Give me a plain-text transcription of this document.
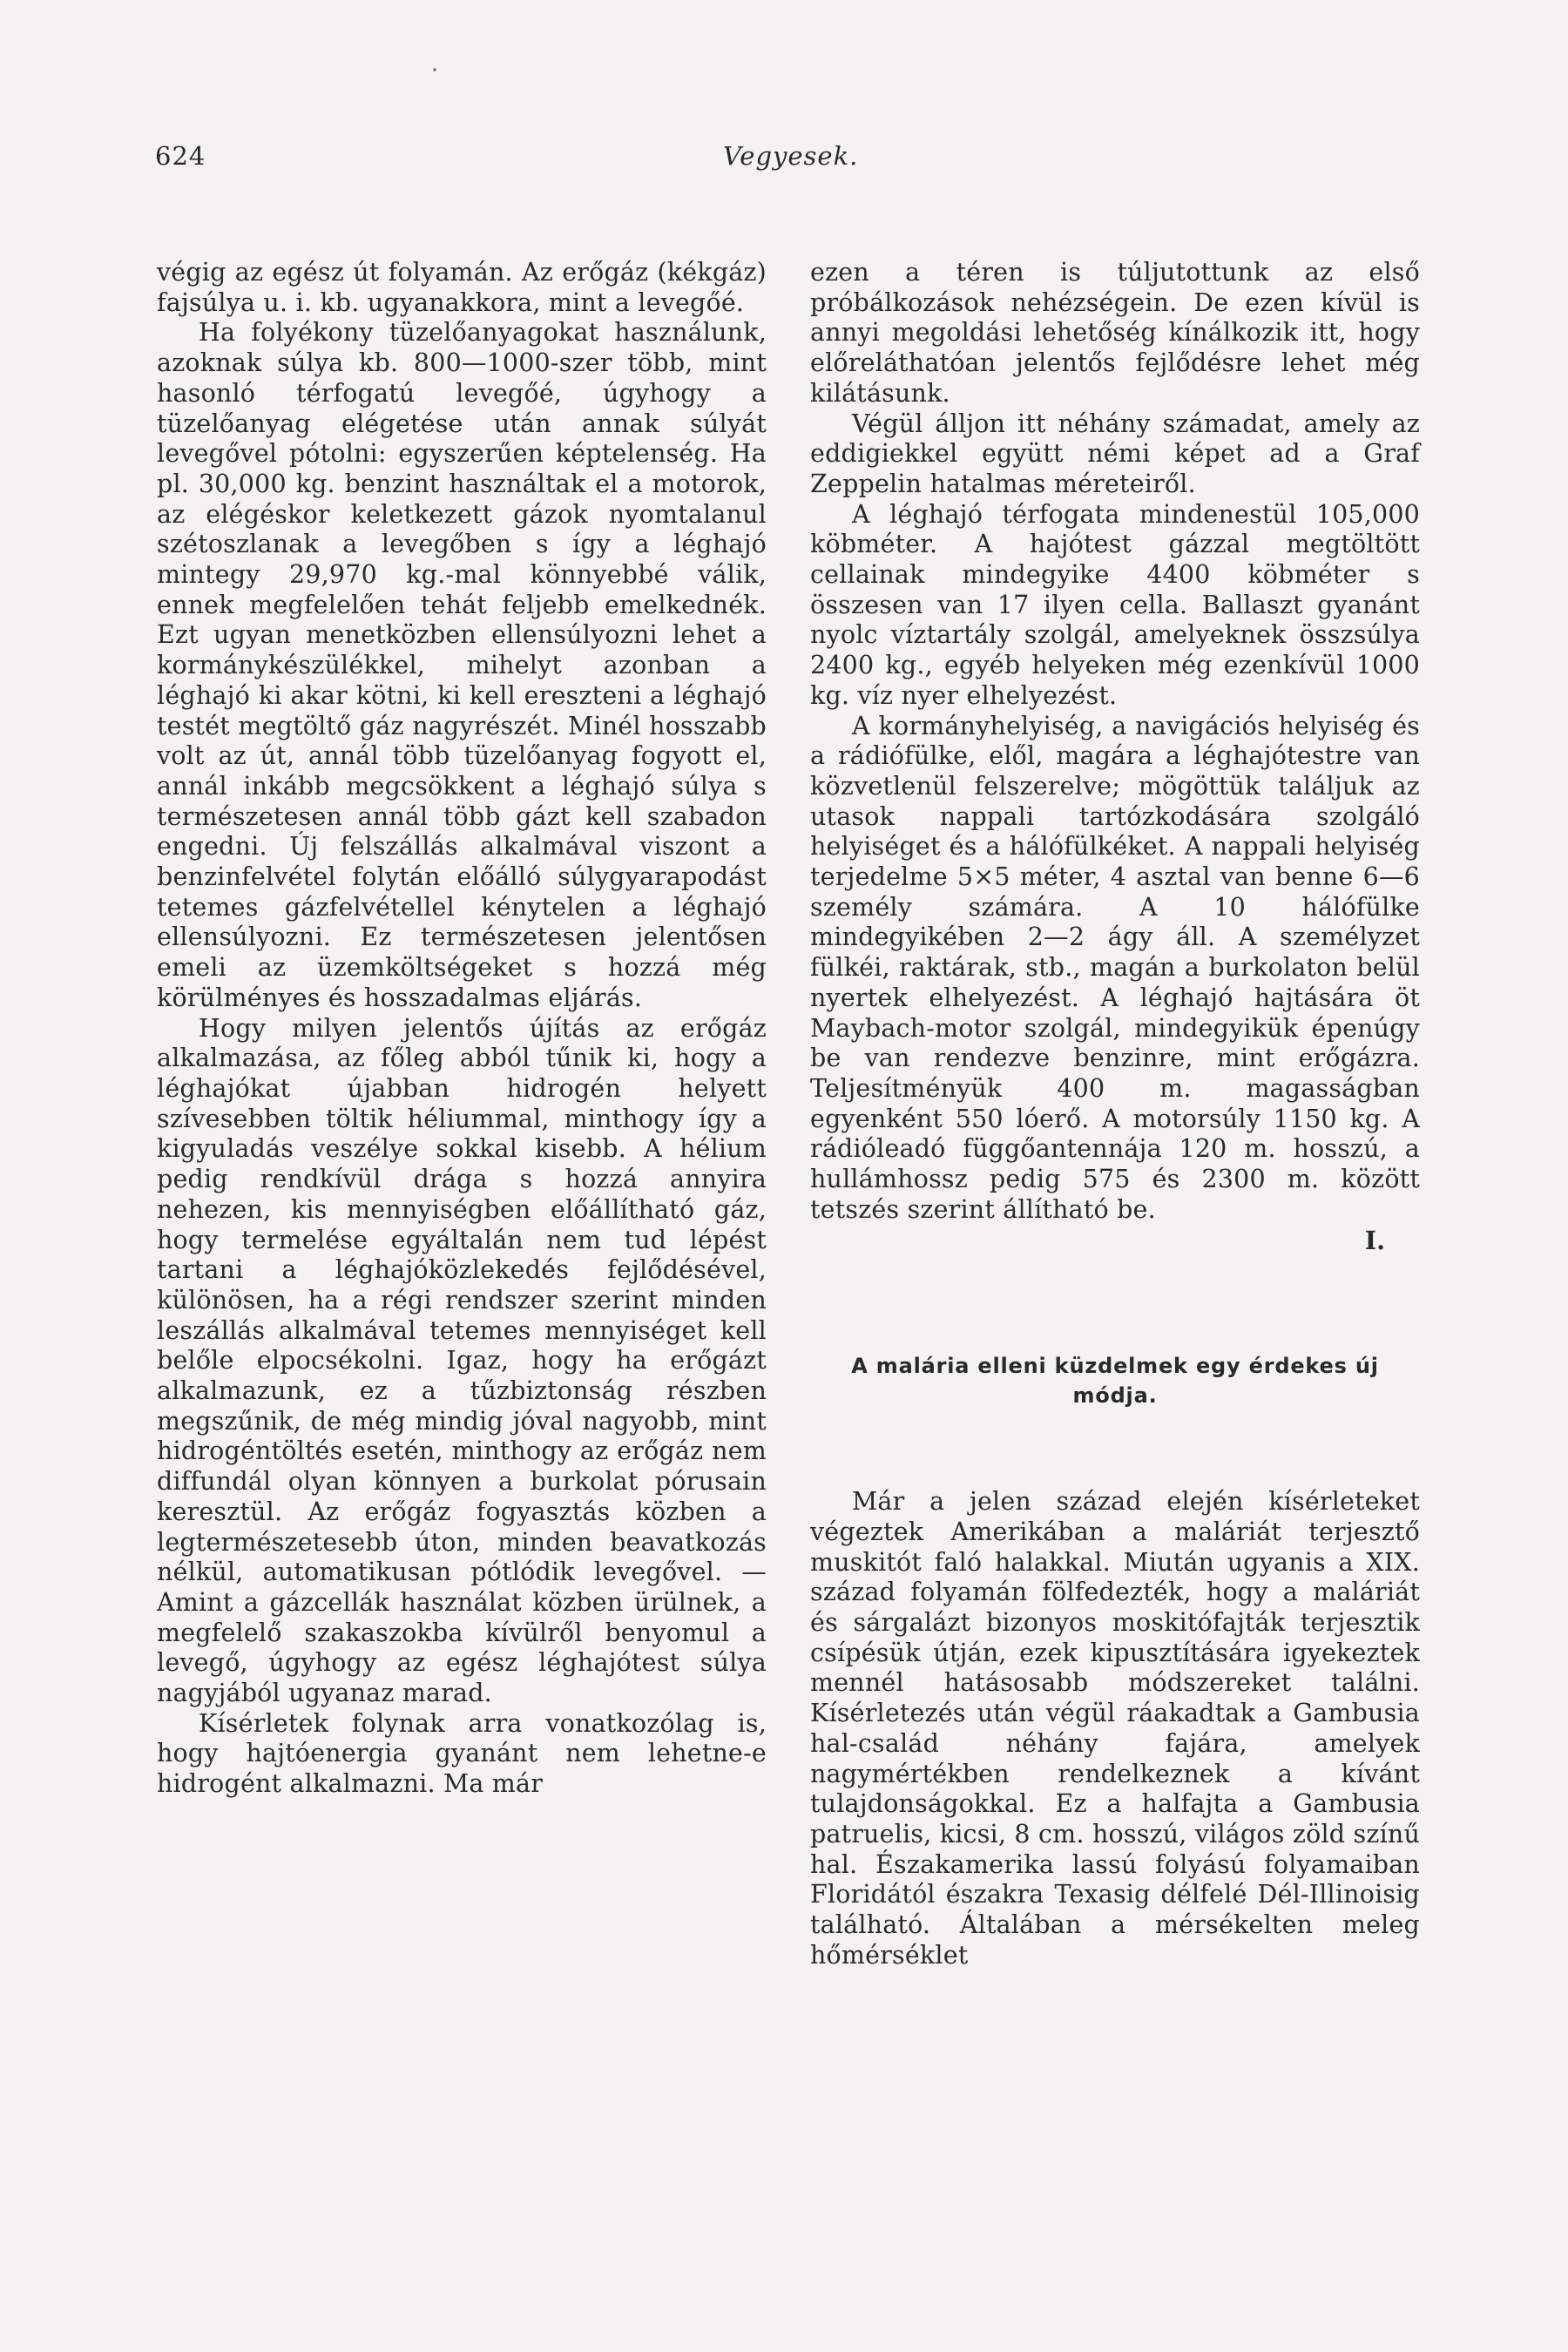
624	Vegyesek.

végig az egész út folyamán. Az erőgáz (kékgáz) fajsúlya u. i. kb. ugyanakkora, mint a levegőé.

Ha folyékony tüzelőanyagokat használunk, azoknak súlya kb. 800—1000-szer több, mint hasonló térfogatú levegőé, úgyhogy a tüzelőanyag elégetése után annak súlyát levegővel pótolni: egyszerűen képtelenség. Ha pl. 30,000 kg. benzint használtak el a motorok, az elégéskor keletkezett gázok nyomtalanul szétoszlanak a levegőben s így a léghajó mintegy 29,970 kg.-mal könnyebbé válik, ennek megfelelően tehát feljebb emelkednék. Ezt ugyan menetközben ellensúlyozni lehet a kormánykészülékkel, mihelyt azonban a léghajó ki akar kötni, ki kell ereszteni a léghajó testét megtöltő gáz nagyrészét. Minél hosszabb volt az út, annál több tüzelőanyag fogyott el, annál inkább megcsökkent a léghajó súlya s természetesen annál több gázt kell szabadon engedni. Új felszállás alkalmával viszont a benzinfelvétel folytán előálló súlygyarapodást tetemes gázfelvétellel kénytelen a léghajó ellensúlyozni. Ez természetesen jelentősen emeli az üzemköltségeket s hozzá még körülményes és hosszadalmas eljárás.

Hogy milyen jelentős újítás az erőgáz alkalmazása, az főleg abból tűnik ki, hogy a léghajókat újabban hidrogén helyett szívesebben töltik héliummal, minthogy így a kigyuladás veszélye sokkal kisebb. A hélium pedig rendkívül drága s hozzá annyira nehezen, kis mennyiségben előállítható gáz, hogy termelése egyáltalán nem tud lépést tartani a léghajóközlekedés fejlődésével, különösen, ha a régi rendszer szerint minden leszállás alkalmával tetemes mennyiséget kell belőle elpocsékolni. Igaz, hogy ha erőgázt alkalmazunk, ez a tűzbiztonság részben megszűnik, de még mindig jóval nagyobb, mint hidrogéntöltés esetén, minthogy az erőgáz nem diffundál olyan könnyen a burkolat pórusain keresztül. Az erőgáz fogyasztás közben a legtermészetesebb úton, minden beavatkozás nélkül, automatikusan pótlódik levegővel. — Amint a gázcellák használat közben ürülnek, a megfelelő szakaszokba kívülről benyomul a levegő, úgyhogy az egész léghajótest súlya nagyjából ugyanaz marad.

Kísérletek folynak arra vonatkozólag is, hogy hajtóenergia gyanánt nem lehetne-e hidrogént alkalmazni. Ma már

ezen a téren is túljutottunk az első próbálkozások nehézségein. De ezen kívül is annyi megoldási lehetőség kínálkozik itt, hogy előreláthatóan jelentős fejlődésre lehet még kilátásunk.

Végül álljon itt néhány számadat, amely az eddigiekkel együtt némi képet ad a Graf Zeppelin hatalmas méreteiről.

A léghajó térfogata mindenestül 105,000 köbméter. A hajótest gázzal megtöltött cellainak mindegyike 4400 köbméter s összesen van 17 ilyen cella. Ballaszt gyanánt nyolc víztartály szolgál, amelyeknek összsúlya 2400 kg., egyéb helyeken még ezenkívül 1000 kg. víz nyer elhelyezést.

A kormányhelyiség, a navigációs helyiség és a rádiófülke, elől, magára a léghajótestre van közvetlenül felszerelve; mögöttük találjuk az utasok nappali tartózkodására szolgáló helyiséget és a hálófülkéket. A nappali helyiség terjedelme 5×5 méter, 4 asztal van benne 6—6 személy számára. A 10 hálófülke mindegyikében 2—2 ágy áll. A személyzet fülkéi, raktárak, stb., magán a burkolaton belül nyertek elhelyezést. A léghajó hajtására öt Maybach-motor szolgál, mindegyikük épenúgy be van rendezve benzinre, mint erőgázra. Teljesítményük 400 m. magasságban egyenként 550 lóerő. A motorsúly 1150 kg. A rádióleadó függőantennája 120 m. hosszú, a hullámhossz pedig 575 és 2300 m. között tetszés szerint állítható be.

I.
A malária elleni küzdelmek egy érdekes új módja.

Már a jelen század elején kísérleteket végeztek Amerikában a maláriát terjesztő muskitót faló halakkal. Miután ugyanis a XIX. század folyamán fölfedezték, hogy a maláriát és sárgalázt bizonyos moskitófajták terjesztik csípésük útján, ezek kipusztítására igyekeztek mennél hatásosabb módszereket találni. Kísérletezés után végül ráakadtak a Gambusia hal-család néhány fajára, amelyek nagymértékben rendelkeznek a kívánt tulajdonságokkal. Ez a halfajta a Gambusia patruelis, kicsi, 8 cm. hosszú, világos zöld színű hal. Északamerika lassú folyású folyamaiban Floridától északra Texasig délfelé Dél-Illinoisig található. Általában a mérsékelten meleg hőmérséklet
